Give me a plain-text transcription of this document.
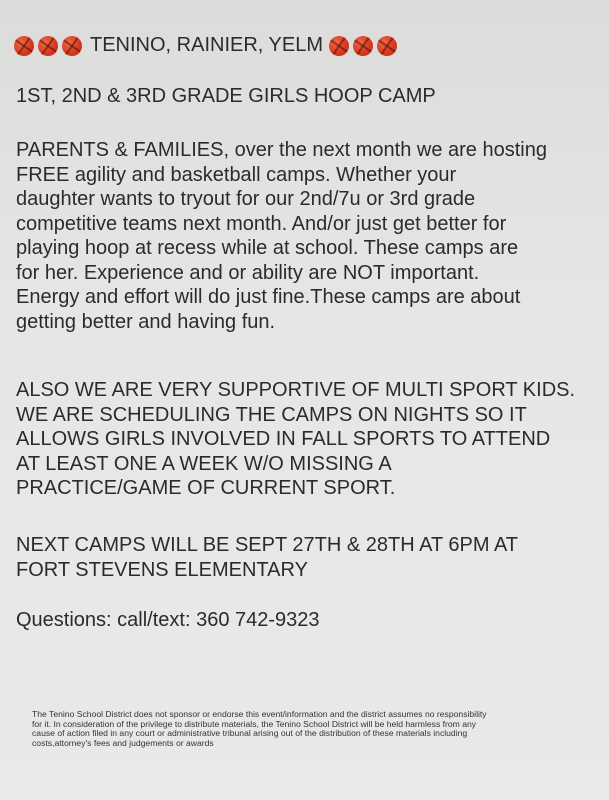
TENINO, RAINIER, YELM

1ST, 2ND & 3RD GRADE GIRLS HOOP CAMP

PARENTS & FAMILIES, over the next month we are hosting
FREE agility and basketball camps. Whether your
daughter wants to tryout for our 2nd/7u or 3rd grade
competitive teams next month. And/or just get better for
playing hoop at recess while at school. These camps are
for her. Experience and or ability are NOT important.
Energy and effort will do just fine.These camps are about
getting better and having fun.
ALSO WE ARE VERY SUPPORTIVE OF MULTI SPORT KIDS.
WE ARE SCHEDULING THE CAMPS ON NIGHTS SO IT
ALLOWS GIRLS INVOLVED IN FALL SPORTS TO ATTEND
AT LEAST ONE A WEEK W/O MISSING A
PRACTICE/GAME OF CURRENT SPORT.
NEXT CAMPS WILL BE SEPT 27TH & 28TH AT 6PM AT
FORT STEVENS ELEMENTARY

Questions: call/text: 360 742-9323

The Tenino School District does not sponsor or endorse this event/information and the district assumes no responsibility
for it. In consideration of the privilege to distribute materials, the Tenino School District will be held harmless from any
cause of action filed in any court or administrative tribunal arising out of the distribution of these materials including
costs,attorney's fees and judgements or awards
